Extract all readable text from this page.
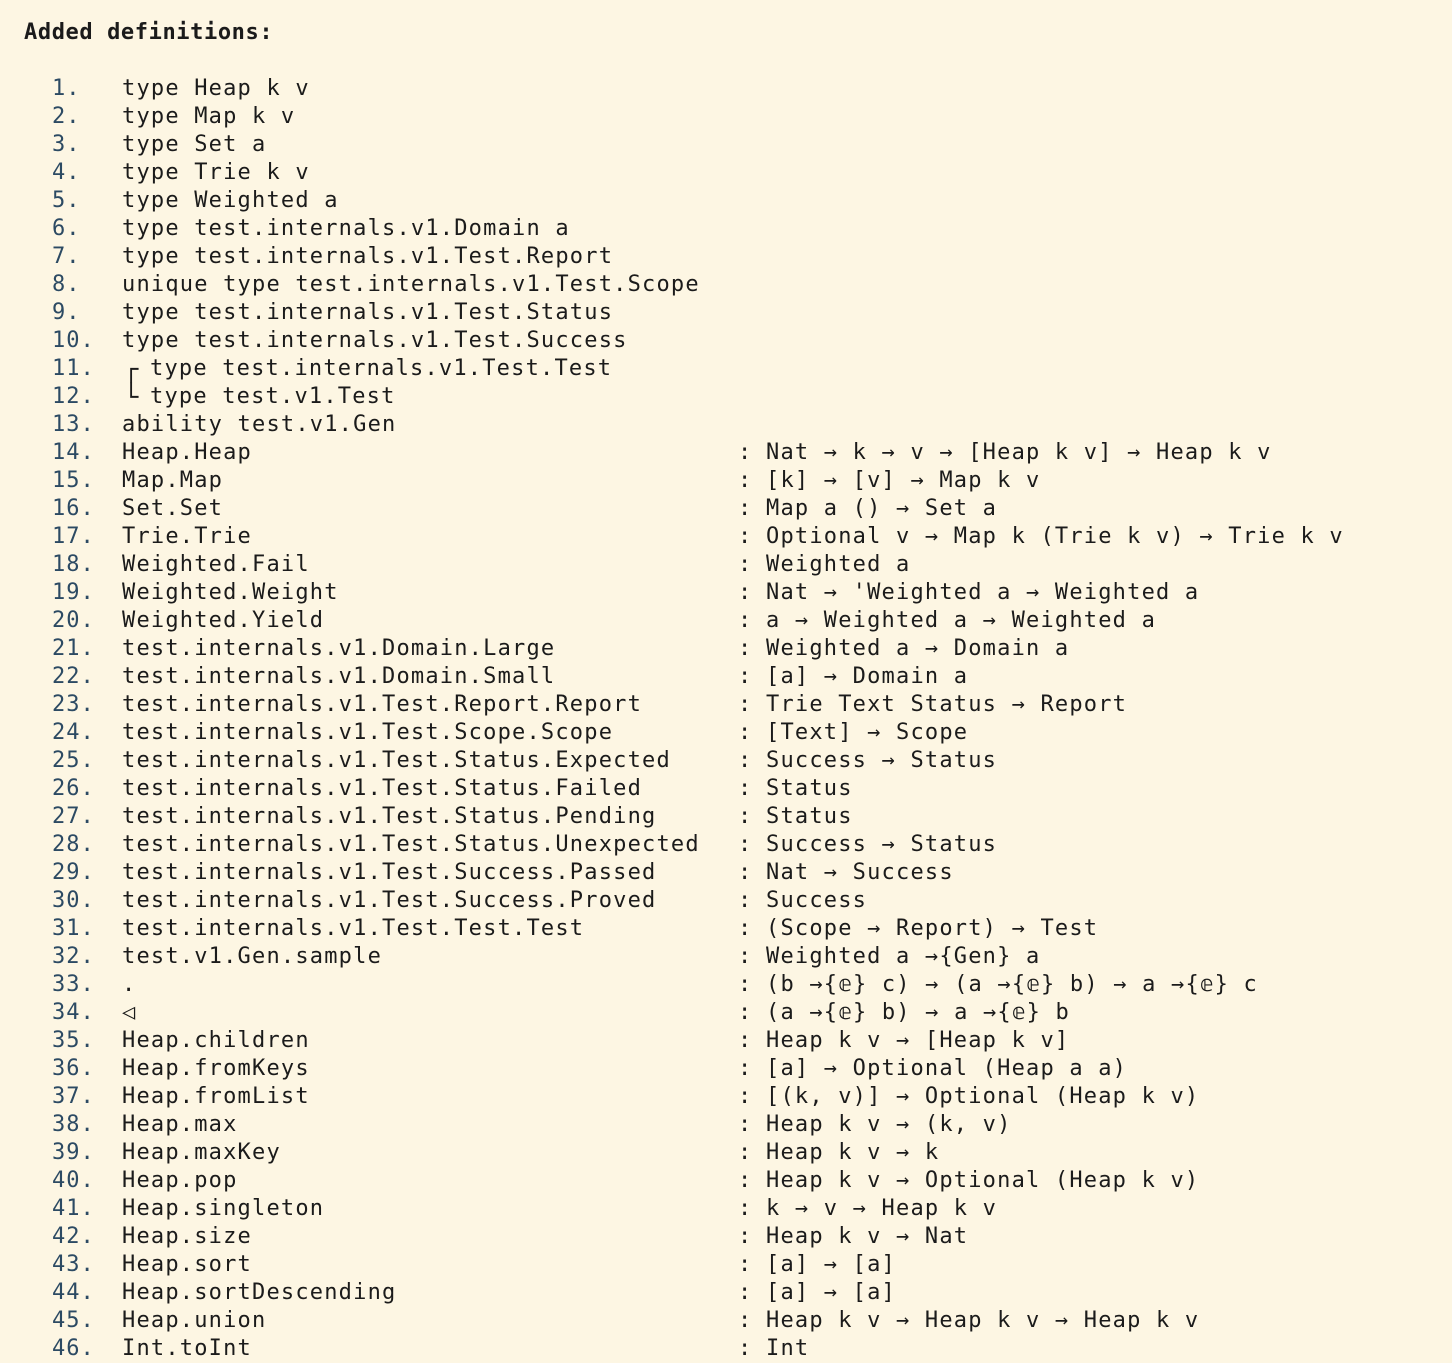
Added definitions:
1. type Heap k v
2. type Map k v
3. type Set a
4. type Trie k v
5. type Weighted a
6. type test.internals.v1.Domain a
7. type test.internals.v1.Test.Report
8. unique type test.internals.v1.Test.Scope
9. type test.internals.v1.Test.Status
10. type test.internals.v1.Test.Success
11. ┌ type test.internals.v1.Test.Test
12. └ type test.v1.Test
13. ability test.v1.Gen
14. Heap.Heap	: Nat → k → v → [Heap k v] → Heap k v
15. Map.Map	: [k] → [v] → Map k v
16. Set.Set	: Map a () → Set a
17. Trie.Trie	: Optional v → Map k (Trie k v) → Trie k v
18. Weighted.Fail	: Weighted a
19. Weighted.Weight	: Nat → 'Weighted a → Weighted a
20. Weighted.Yield	: a → Weighted a → Weighted a
21. test.internals.v1.Domain.Large	: Weighted a → Domain a
22. test.internals.v1.Domain.Small	: [a] → Domain a
23. test.internals.v1.Test.Report.Report	: Trie Text Status → Report
24. test.internals.v1.Test.Scope.Scope	: [Text] → Scope
25. test.internals.v1.Test.Status.Expected	: Success → Status
26. test.internals.v1.Test.Status.Failed	: Status
27. test.internals.v1.Test.Status.Pending	: Status
28. test.internals.v1.Test.Status.Unexpected : Success → Status
29. test.internals.v1.Test.Success.Passed	: Nat → Success
30. test.internals.v1.Test.Success.Proved	: Success
31. test.internals.v1.Test.Test.Test	: (Scope → Report) → Test
32. test.v1.Gen.sample	: Weighted a →{Gen} a
33. .	: (b →{𝕖} c) → (a →{𝕖} b) → a →{𝕖} c
34. ◁	: (a →{𝕖} b) → a →{𝕖} b
35. Heap.children	: Heap k v → [Heap k v]
36. Heap.fromKeys	: [a] → Optional (Heap a a)
37. Heap.fromList	: [(k, v)] → Optional (Heap k v)
38. Heap.max	: Heap k v → (k, v)
39. Heap.maxKey	: Heap k v → k
40. Heap.pop	: Heap k v → Optional (Heap k v)
41. Heap.singleton	: k → v → Heap k v
42. Heap.size	: Heap k v → Nat
43. Heap.sort	: [a] → [a]
44. Heap.sortDescending	: [a] → [a]
45. Heap.union	: Heap k v → Heap k v → Heap k v
46. Int.toInt	: Int
